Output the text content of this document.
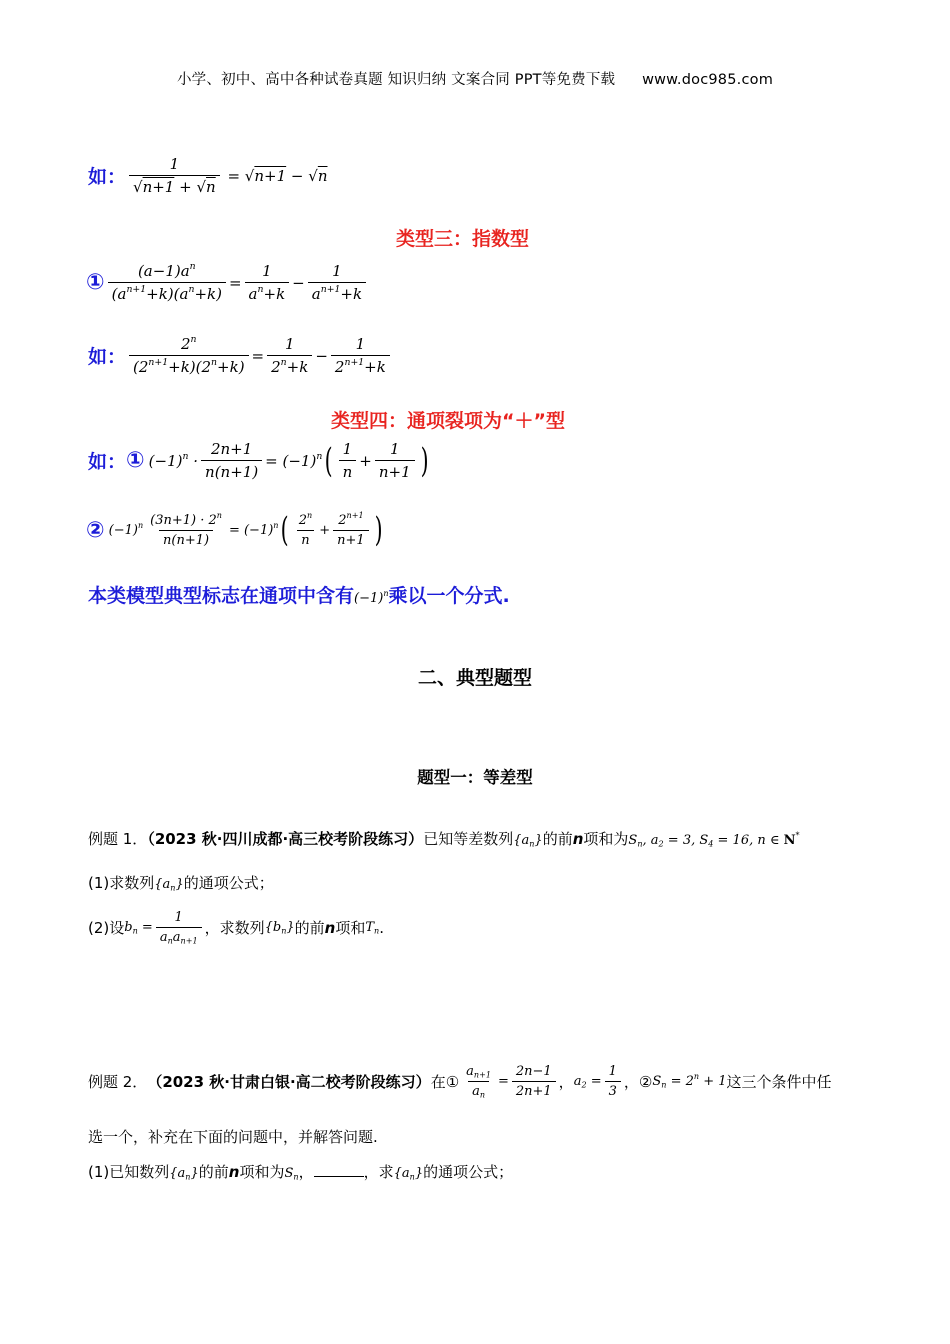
小学、初中、高中各种试卷真题 知识归纳 文案合同 PPT等免费下载 www.doc985.com
如： $\frac{1}{√n+1 + √n} = √n+1 - √n$
类型三：指数型
① $\frac{(a-1)a^n}{(a^{n+1}+k)(a^n+k)} = \frac{1}{a^n+k} - \frac{1}{a^{n+1}+k}$
如： $\frac{2^n}{(2^{n+1}+k)(2^n+k)} = \frac{1}{2^n+k} - \frac{1}{2^{n+1}+k}$
类型四：通项裂项为“＋”型
如： ① $(-1)^n \cdot \frac{2n+1}{n(n+1)} = (-1)^n$ ( $\frac{1}{n} + \frac{1}{n+1}$ )
② $(-1)^n \frac{(3n+1) \cdot 2^n}{n(n+1)} = (-1)^n$ ( $\frac{2^n}{n} + \frac{2^{n+1}}{n+1}$ )
本类模型典型标志在通项中含有$(-1)^n$乘以一个分式.
二、典型题型
题型一：等差型
例题 1．（2023 秋·四川成都·高三校考阶段练习）已知等差数列$\{a_n\}$的前n项和为$S_n$, $a_2 = 3$, $S_4 = 16$, n ∈ N*
(1)求数列$\{a_n\}$的通项公式；
(2) 设 $b_n = \frac{1}{a_na_{n+1}}$ ，求数列 $\{b_n\}$ 的前 n 项和 $T_n$ .
例题 2． （2023 秋·甘肃白银·高二校考阶段练习） 在① $\frac{a_{n+1}}{a_n} = \frac{2n-1}{2n+1}$ ， $a_2 = \frac{1}{3}$ ，② $S_n = 2^n + 1$ 这三个条件中任
选一个，补充在下面的问题中，并解答问题.
(1)已知数列$\{a_n\}$的前n项和为$S_n$，	，求$\{a_n\}$的通项公式；
